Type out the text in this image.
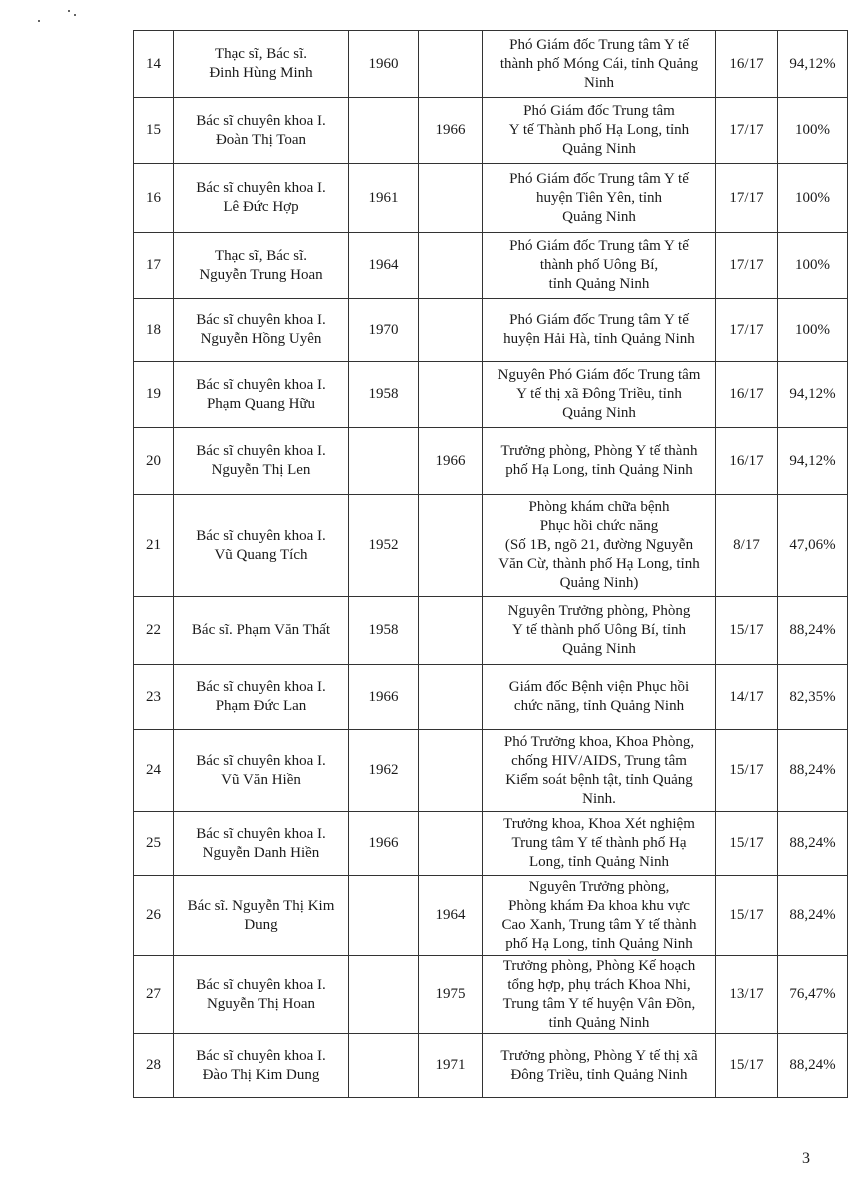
14	Thạc sĩ, Bác sĩ.
Đinh Hùng Minh	1960		Phó Giám đốc Trung tâm Y tế
thành phố Móng Cái, tỉnh Quảng
Ninh	16/17	94,12%
15	Bác sĩ chuyên khoa I.
Đoàn Thị Toan		1966	Phó Giám đốc Trung tâm
Y tế Thành phố Hạ Long, tỉnh
Quảng Ninh	17/17	100%
16	Bác sĩ chuyên khoa I.
Lê Đức Hợp	1961		Phó Giám đốc Trung tâm Y tế
huyện Tiên Yên, tỉnh
Quảng Ninh	17/17	100%
17	Thạc sĩ, Bác sĩ.
Nguyễn Trung Hoan	1964		Phó Giám đốc Trung tâm Y tế
thành phố Uông Bí,
tỉnh Quảng Ninh	17/17	100%
18	Bác sĩ chuyên khoa I.
Nguyễn Hồng Uyên	1970		Phó Giám đốc Trung tâm Y tế
huyện Hải Hà, tỉnh Quảng Ninh	17/17	100%
19	Bác sĩ chuyên khoa I.
Phạm Quang Hữu	1958		Nguyên Phó Giám đốc Trung tâm
Y tế thị xã Đông Triều, tỉnh
Quảng Ninh	16/17	94,12%
20	Bác sĩ chuyên khoa I.
Nguyễn Thị Len		1966	Trưởng phòng, Phòng Y tế thành
phố Hạ Long, tỉnh Quảng Ninh	16/17	94,12%
21	Bác sĩ chuyên khoa I.
Vũ Quang Tích	1952		Phòng khám chữa bệnh
Phục hồi chức năng
(Số 1B, ngõ 21, đường Nguyễn
Văn Cừ, thành phố Hạ Long, tỉnh
Quảng Ninh)	8/17	47,06%
22	Bác sĩ. Phạm Văn Thất	1958		Nguyên Trưởng phòng, Phòng
Y tế thành phố Uông Bí, tỉnh
Quảng Ninh	15/17	88,24%
23	Bác sĩ chuyên khoa I.
Phạm Đức Lan	1966		Giám đốc Bệnh viện Phục hồi
chức năng, tỉnh Quảng Ninh	14/17	82,35%
24	Bác sĩ chuyên khoa I.
Vũ Văn Hiền	1962		Phó Trưởng khoa, Khoa Phòng,
chống HIV/AIDS, Trung tâm
Kiểm soát bệnh tật, tỉnh Quảng
Ninh.	15/17	88,24%
25	Bác sĩ chuyên khoa I.
Nguyễn Danh Hiền	1966		Trưởng khoa, Khoa Xét nghiệm
Trung tâm Y tế thành phố Hạ
Long, tỉnh Quảng Ninh	15/17	88,24%
26	Bác sĩ. Nguyễn Thị Kim
Dung		1964	Nguyên Trưởng phòng,
Phòng khám Đa khoa khu vực
Cao Xanh, Trung tâm Y tế thành
phố Hạ Long, tỉnh Quảng Ninh	15/17	88,24%
27	Bác sĩ chuyên khoa I.
Nguyễn Thị Hoan		1975	Trưởng phòng, Phòng Kế hoạch
tổng hợp, phụ trách Khoa Nhi,
Trung tâm Y tế huyện Vân Đồn,
tỉnh Quảng Ninh	13/17	76,47%
28	Bác sĩ chuyên khoa I.
Đào Thị Kim Dung		1971	Trưởng phòng, Phòng Y tế thị xã
Đông Triều, tỉnh Quảng Ninh	15/17	88,24%
3
